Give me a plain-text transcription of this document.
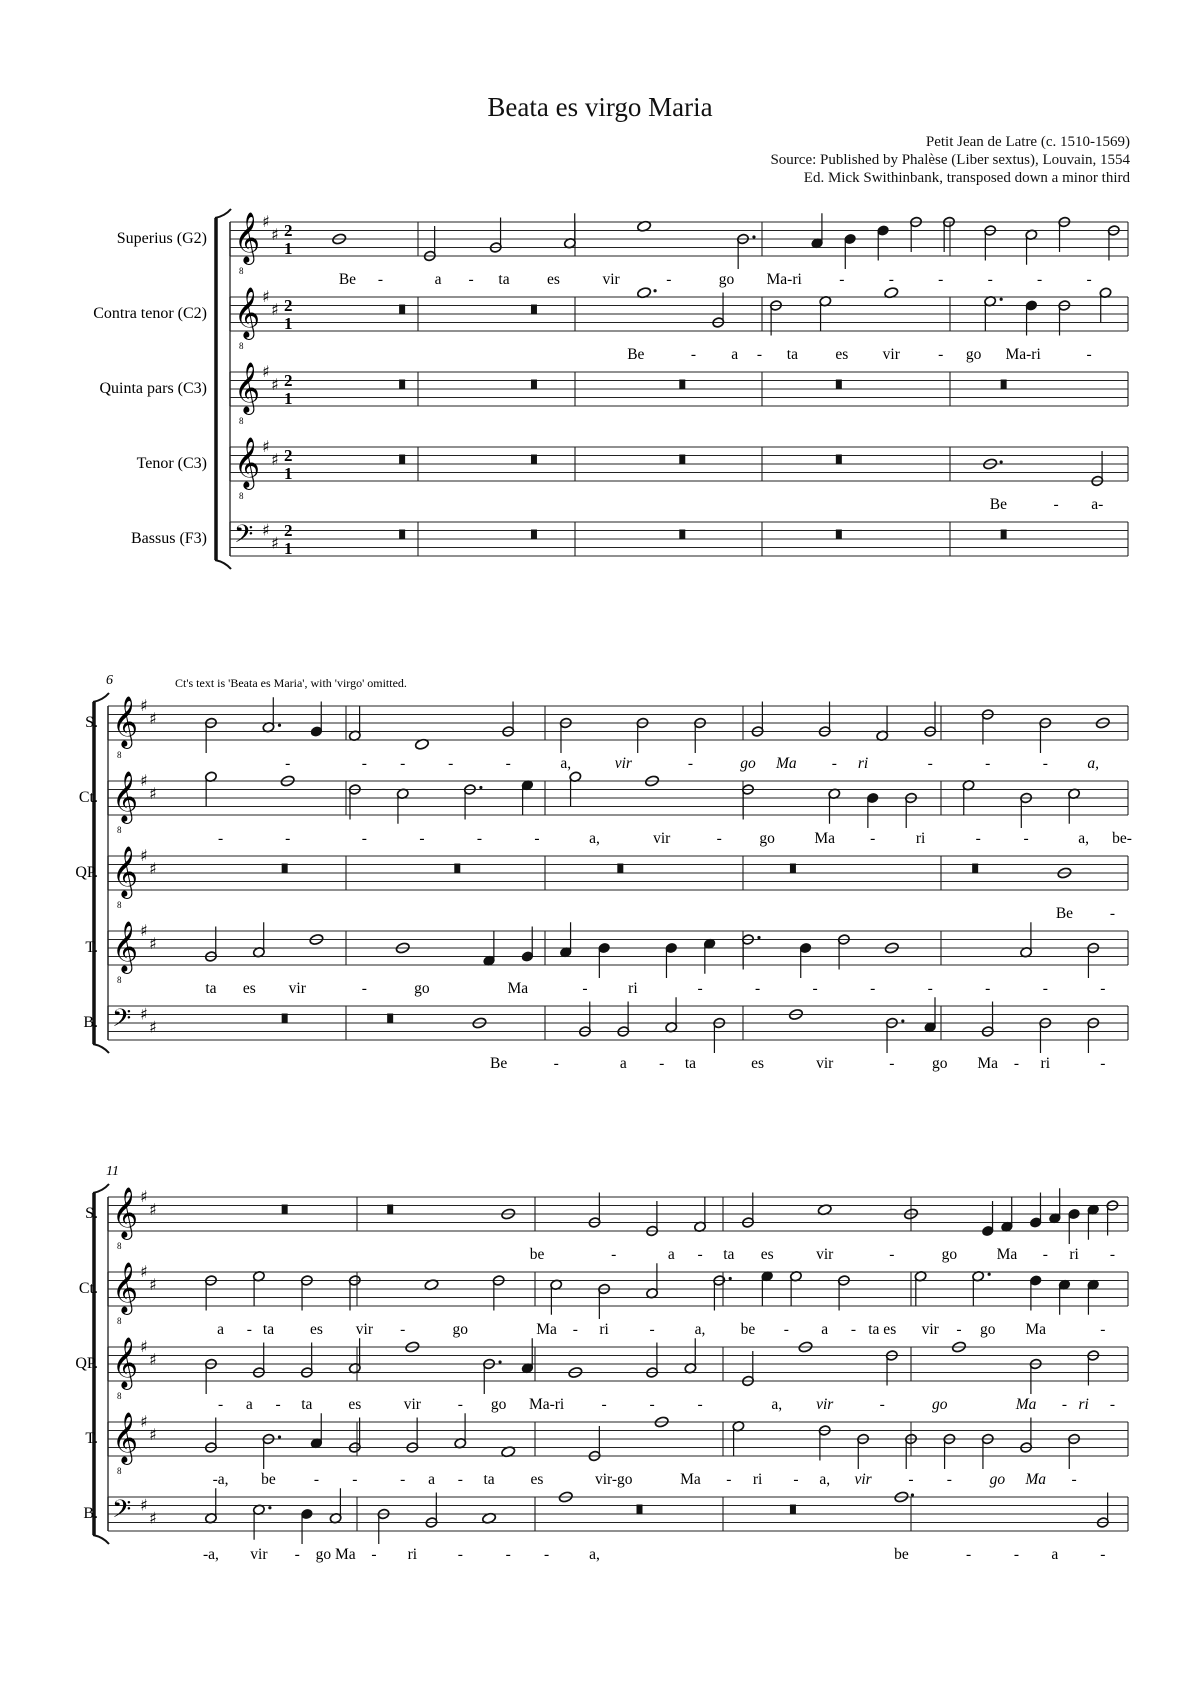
Beata es virgo Maria
Petit Jean de Latre (c. 1510-1569)
Source: Published by Phalèse (Liber sextus), Louvain, 1554
Ed. Mick Swithinbank, transposed down a minor third
𝄞
8
♯
♯ 2
1
Be -	a - ta es	vir	-	go Ma-ri -	-	-	-	-	-
Superius (G2)
𝄞
8
♯
♯ 2
1
Be	- a - ta es vir - go Ma-ri	-
Contra tenor (C2)
𝄞
8
♯
♯ 2
1
Quinta pars (C3)
𝄞
8
♯
♯ 2
1
Be	- a-
Tenor (C3)
𝄢 ♯
♯
2
1
Bassus (F3)
𝄞
8
♯
♯
-	- -	-	-	a,	vir	-	go Ma - ri	-	-	-	a,
S.
𝄞
8
♯
♯
-	-	-	-	-	-	a,	vir	- go	Ma -	ri	-	-	a, be-
Ct.
𝄞
8
♯
♯
Be -
QP.
𝄞
8
♯
♯
ta es vir	-	go	Ma	-	ri	-	-	-	-	-	-	-	-
T.
𝄢 ♯
♯
Be	-	a - ta	es	vir	- go Ma - ri	-
B.
6	Ct's text is 'Beata es Maria', with 'virgo' omitted.
𝄞
8
♯
♯
be	-	a - ta es	vir	-	go	Ma - ri -
S.
𝄞
8
♯
♯
a - ta es vir -	go	Ma - ri	-	a, be - a - ta es vir - go Ma	-
Ct.
𝄞
8
♯
♯
- a - ta es	vir - go Ma-ri -	-	-	a, vir	-	go	Ma - ri -
QP.
𝄞
8
♯
♯
-a, be - -	- a - ta es	vir-go	Ma - ri - a, vir - - go Ma -
T.
𝄢 ♯
♯
-a, vir - go Ma - ri	-	- -	a,	be	-	- a	-
B.
11
